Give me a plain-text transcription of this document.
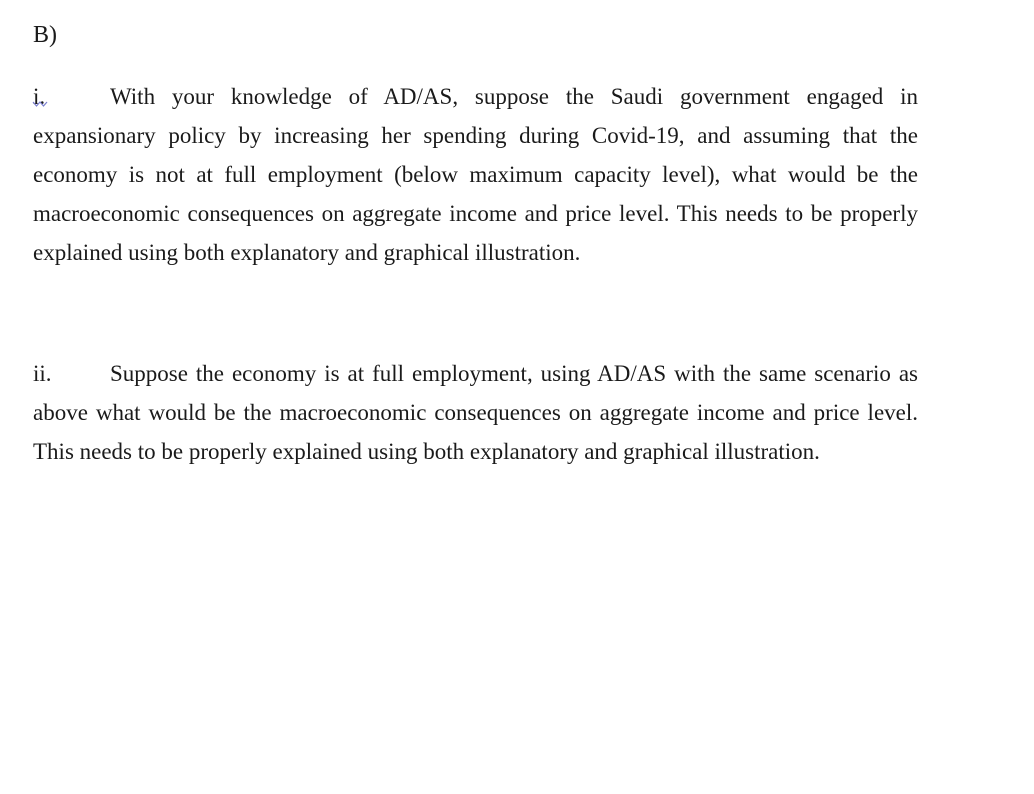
B)

i.	With your knowledge of AD/AS, suppose the Saudi government engaged in expansionary policy by increasing her spending during Covid-19, and assuming that the economy is not at full employment (below maximum capacity level), what would be the macroeconomic consequences on aggregate income and price level. This needs to be properly explained using both explanatory and graphical illustration.

ii.	Suppose the economy is at full employment, using AD/AS with the same scenario as above what would be the macroeconomic consequences on aggregate income and price level. This needs to be properly explained using both explanatory and graphical illustration.
